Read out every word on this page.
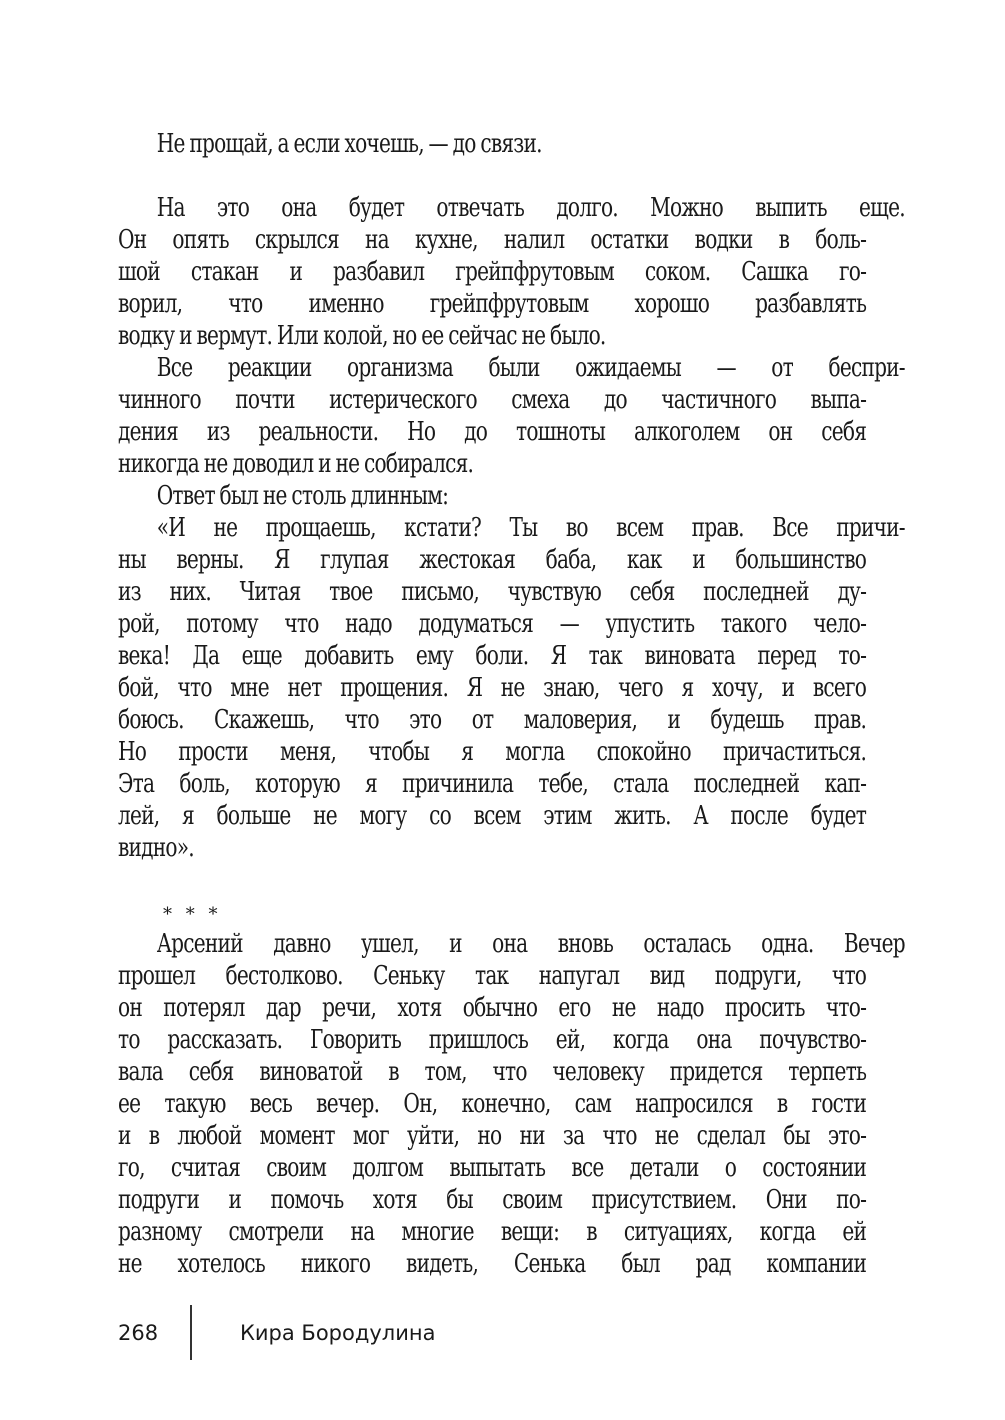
Не прощай, а если хочешь, — до связи.
На это она будет отвечать долго. Можно выпить еще.
Он опять скрылся на кухне, налил остатки водки в боль-
шой стакан и разбавил грейпфрутовым соком. Сашка го-
ворил, что именно грейпфрутовым хорошо разбавлять
водку и вермут. Или колой, но ее сейчас не было.
Все реакции организма были ожидаемы — от беспри-
чинного почти истерического смеха до частичного выпа-
дения из реальности. Но до тошноты алкоголем он себя
никогда не доводил и не собирался.
Ответ был не столь длинным:
«И не прощаешь, кстати? Ты во всем прав. Все причи-
ны верны. Я глупая жестокая баба, как и большинство
из них. Читая твое письмо, чувствую себя последней ду-
рой, потому что надо додуматься — упустить такого чело-
века! Да еще добавить ему боли. Я так виновата перед то-
бой, что мне нет прощения. Я не знаю, чего я хочу, и всего
боюсь. Скажешь, что это от маловерия, и будешь прав.
Но прости меня, чтобы я могла спокойно причаститься.
Эта боль, которую я причинила тебе, стала последней кап-
лей, я больше не могу со всем этим жить. А после будет
видно».
* * *
Арсений давно ушел, и она вновь осталась одна. Вечер
прошел бестолково. Сеньку так напугал вид подруги, что
он потерял дар речи, хотя обычно его не надо просить что-
то рассказать. Говорить пришлось ей, когда она почувство-
вала себя виноватой в том, что человеку придется терпеть
ее такую весь вечер. Он, конечно, сам напросился в гости
и в любой момент мог уйти, но ни за что не сделал бы это-
го, считая своим долгом выпытать все детали о состоянии
подруги и помочь хотя бы своим присутствием. Они по-
разному смотрели на многие вещи: в ситуациях, когда ей
не хотелось никого видеть, Сенька был рад компании
268	Кира Бородулина
